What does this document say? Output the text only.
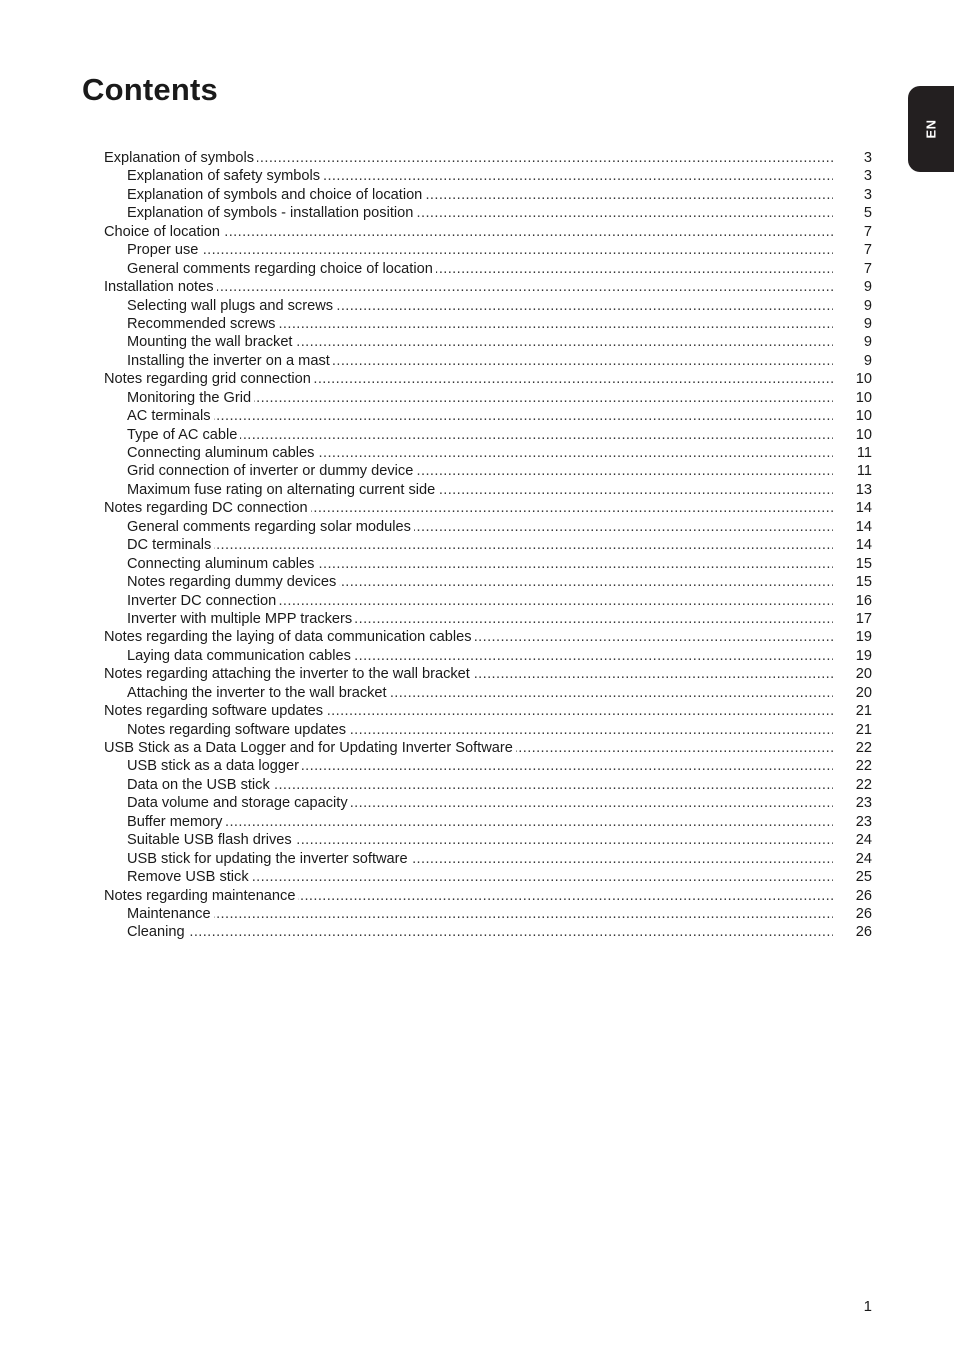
Contents
EN
Explanation of symbols .....	3
Explanation of safety symbols .....	3
Explanation of symbols and choice of location .....	3
Explanation of symbols - installation position .....	5
Choice of location .....	7
Proper use .....	7
General comments regarding choice of location .....	7
Installation notes .....	9
Selecting wall plugs and screws .....	9
Recommended screws .....	9
Mounting the wall bracket .....	9
Installing the inverter on a mast .....	9
Notes regarding grid connection .....	10
Monitoring the Grid .....	10
AC terminals .....	10
Type of AC cable .....	10
Connecting aluminum cables .....	11
Grid connection of inverter or dummy device .....	11
Maximum fuse rating on alternating current side .....	13
Notes regarding DC connection .....	14
General comments regarding solar modules .....	14
DC terminals .....	14
Connecting aluminum cables .....	15
Notes regarding dummy devices .....	15
Inverter DC connection .....	16
Inverter with multiple MPP trackers .....	17
Notes regarding the laying of data communication cables .....	19
Laying data communication cables .....	19
Notes regarding attaching the inverter to the wall bracket .....	20
Attaching the inverter to the wall bracket .....	20
Notes regarding software updates .....	21
Notes regarding software updates .....	21
USB Stick as a Data Logger and for Updating Inverter Software .....	22
USB stick as a data logger .....	22
Data on the USB stick .....	22
Data volume and storage capacity .....	23
Buffer memory .....	23
Suitable USB flash drives .....	24
USB stick for updating the inverter software .....	24
Remove USB stick .....	25
Notes regarding maintenance .....	26
Maintenance .....	26
Cleaning .....	26
1
